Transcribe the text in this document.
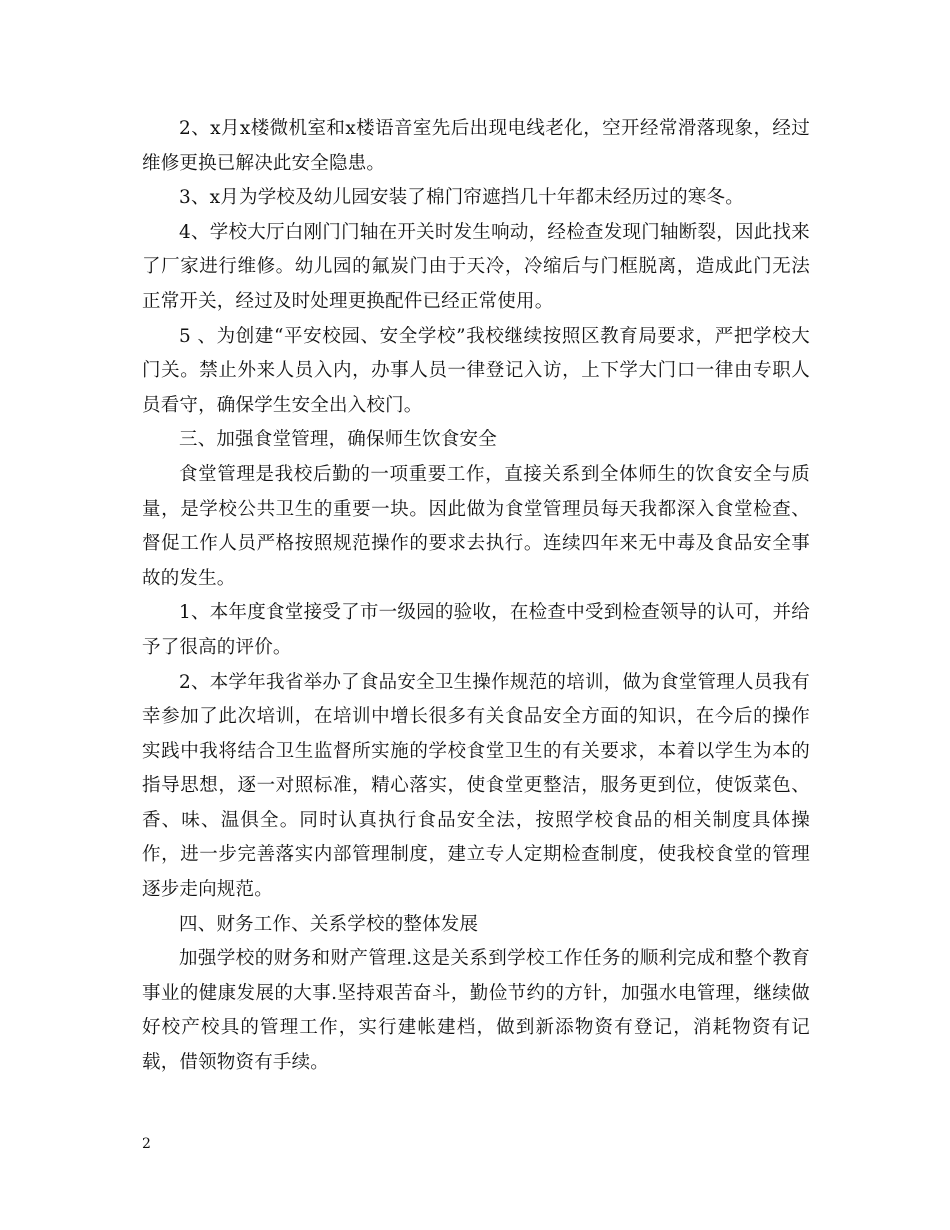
2、x月x楼微机室和x楼语音室先后出现电线老化，空开经常滑落现象，经过维修更换已解决此安全隐患。

3、x月为学校及幼儿园安装了棉门帘遮挡几十年都未经历过的寒冬。

4、学校大厅白刚门门轴在开关时发生响动，经检查发现门轴断裂，因此找来了厂家进行维修。幼儿园的氟炭门由于天冷，冷缩后与门框脱离，造成此门无法正常开关，经过及时处理更换配件已经正常使用。

5 、为创建“平安校园、安全学校”我校继续按照区教育局要求，严把学校大门关。禁止外来人员入内，办事人员一律登记入访，上下学大门口一律由专职人员看守，确保学生安全出入校门。

三、加强食堂管理，确保师生饮食安全

食堂管理是我校后勤的一项重要工作，直接关系到全体师生的饮食安全与质量，是学校公共卫生的重要一块。因此做为食堂管理员每天我都深入食堂检查、督促工作人员严格按照规范操作的要求去执行。连续四年来无中毒及食品安全事故的发生。

1、本年度食堂接受了市一级园的验收，在检查中受到检查领导的认可，并给予了很高的评价。

2、本学年我省举办了食品安全卫生操作规范的培训，做为食堂管理人员我有幸参加了此次培训，在培训中增长很多有关食品安全方面的知识，在今后的操作实践中我将结合卫生监督所实施的学校食堂卫生的有关要求，本着以学生为本的指导思想，逐一对照标准，精心落实，使食堂更整洁，服务更到位，使饭菜色、香、味、温俱全。同时认真执行食品安全法，按照学校食品的相关制度具体操作，进一步完善落实内部管理制度，建立专人定期检查制度，使我校食堂的管理逐步走向规范。

四、财务工作、关系学校的整体发展

加强学校的财务和财产管理.这是关系到学校工作任务的顺利完成和整个教育事业的健康发展的大事.坚持艰苦奋斗，勤俭节约的方针，加强水电管理，继续做好校产校具的管理工作，实行建帐建档，做到新添物资有登记，消耗物资有记载，借领物资有手续。

2
